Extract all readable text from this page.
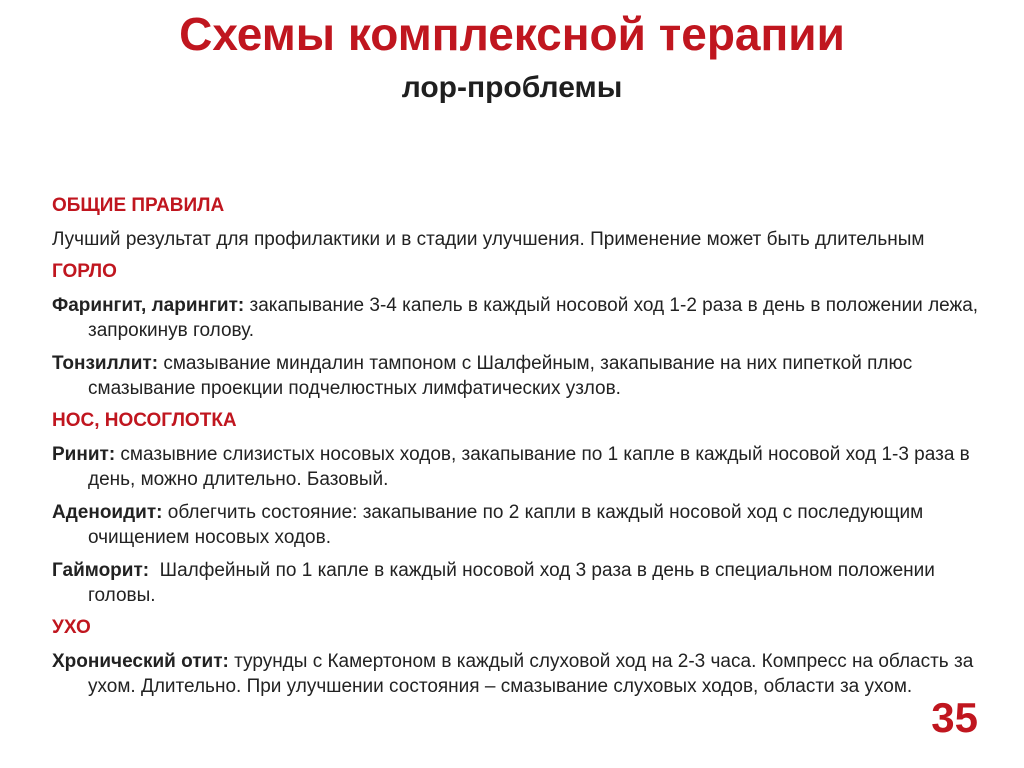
Схемы комплексной терапии
лор-проблемы
ОБЩИЕ ПРАВИЛА

Лучший результат для профилактики и в стадии улучшения. Применение может быть длительным

ГОРЛО

Фарингит, ларингит: закапывание 3-4 капель в каждый носовой ход 1-2 раза в день в положении лежа, запрокинув голову.

Тонзиллит: смазывание миндалин тампоном с Шалфейным, закапывание на них пипеткой плюс смазывание проекции подчелюстных лимфатических узлов.

НОС, НОСОГЛОТКА

Ринит: смазывние слизистых носовых ходов, закапывание по 1 капле в каждый носовой ход 1-3 раза в день, можно длительно. Базовый.

Аденоидит: облегчить состояние: закапывание по 2 капли в каждый носовой ход с последующим очищением носовых ходов.

Гайморит:  Шалфейный по 1 капле в каждый носовой ход 3 раза в день в специальном положении головы.

УХО

Хронический отит: турунды с Камертоном в каждый слуховой ход на 2-3 часа. Компресс на область за ухом. Длительно. При улучшении состояния – смазывание слуховых ходов, области за ухом.

35
